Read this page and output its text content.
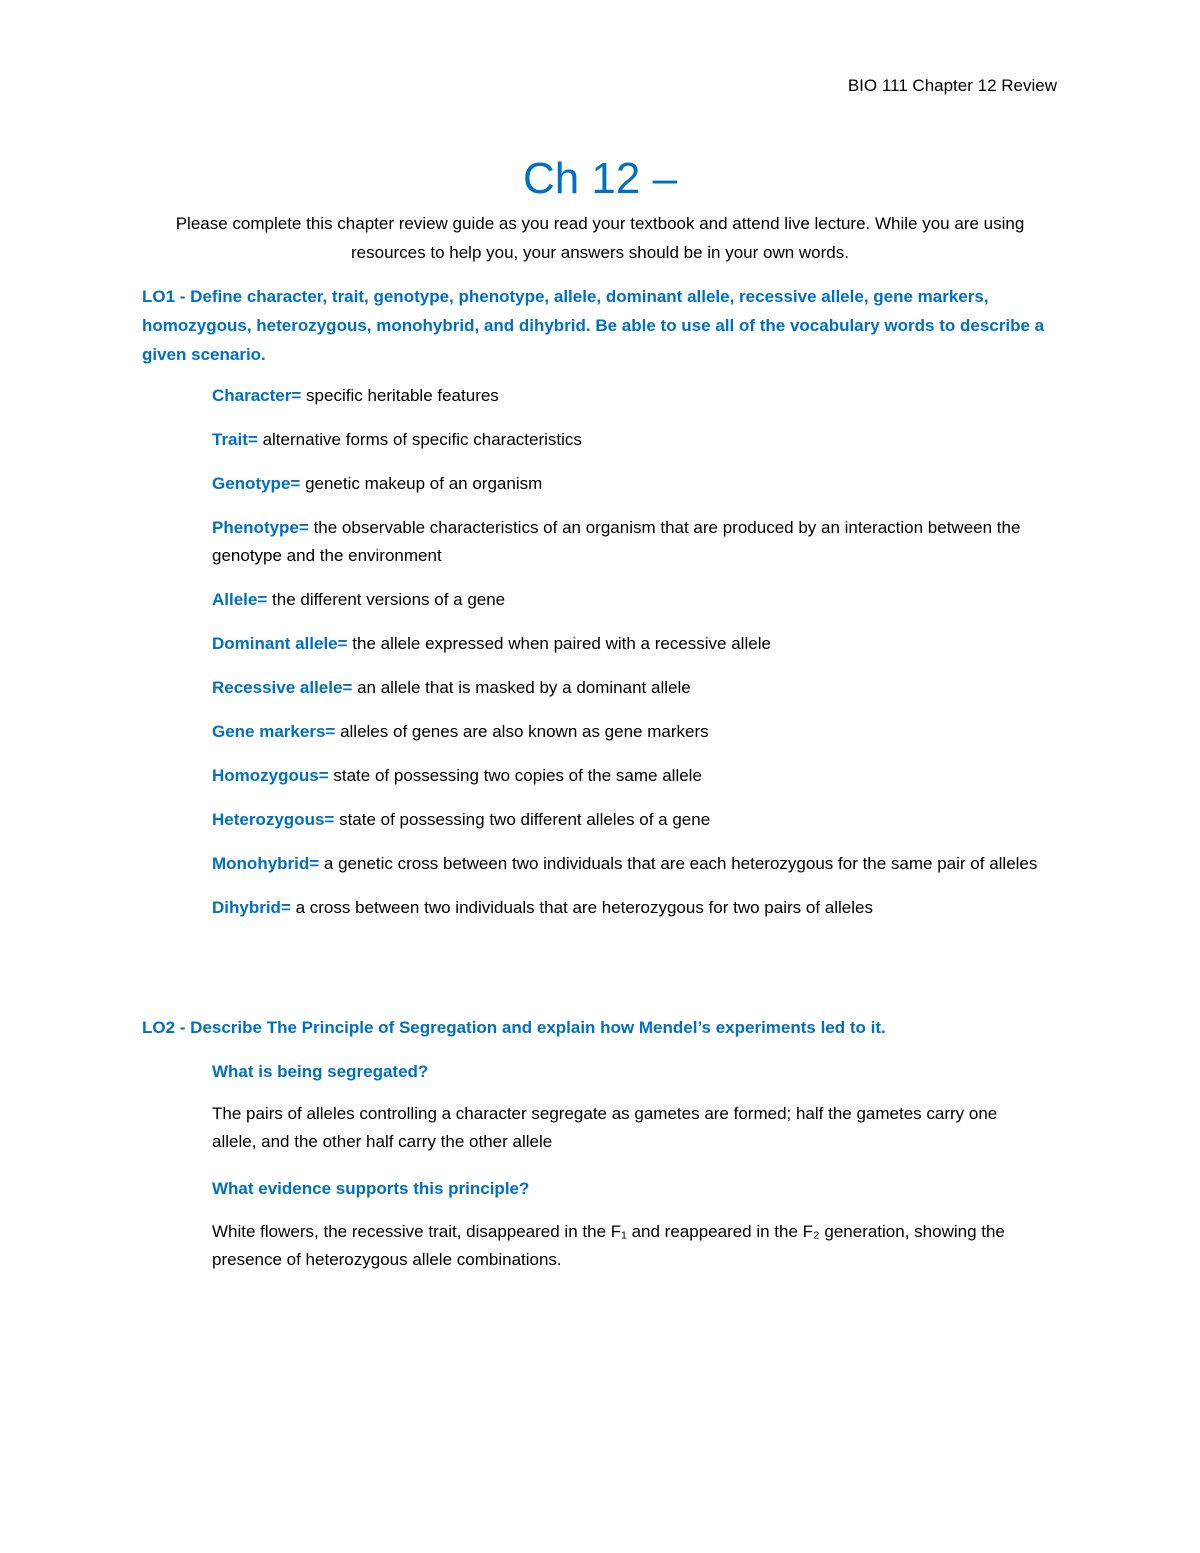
BIO 111 Chapter 12 Review
Ch 12 –
Please complete this chapter review guide as you read your textbook and attend live lecture. While you are using resources to help you, your answers should be in your own words.
LO1 - Define character, trait, genotype, phenotype, allele, dominant allele, recessive allele, gene markers, homozygous, heterozygous, monohybrid, and dihybrid. Be able to use all of the vocabulary words to describe a given scenario.
Character= specific heritable features
Trait= alternative forms of specific characteristics
Genotype= genetic makeup of an organism
Phenotype= the observable characteristics of an organism that are produced by an interaction between the genotype and the environment
Allele= the different versions of a gene
Dominant allele= the allele expressed when paired with a recessive allele
Recessive allele= an allele that is masked by a dominant allele
Gene markers= alleles of genes are also known as gene markers
Homozygous= state of possessing two copies of the same allele
Heterozygous= state of possessing two different alleles of a gene
Monohybrid= a genetic cross between two individuals that are each heterozygous for the same pair of alleles
Dihybrid= a cross between two individuals that are heterozygous for two pairs of alleles
LO2 - Describe The Principle of Segregation and explain how Mendel’s experiments led to it.
What is being segregated?
The pairs of alleles controlling a character segregate as gametes are formed; half the gametes carry one allele, and the other half carry the other allele
What evidence supports this principle?
White flowers, the recessive trait, disappeared in the F₁ and reappeared in the F₂ generation, showing the presence of heterozygous allele combinations.
